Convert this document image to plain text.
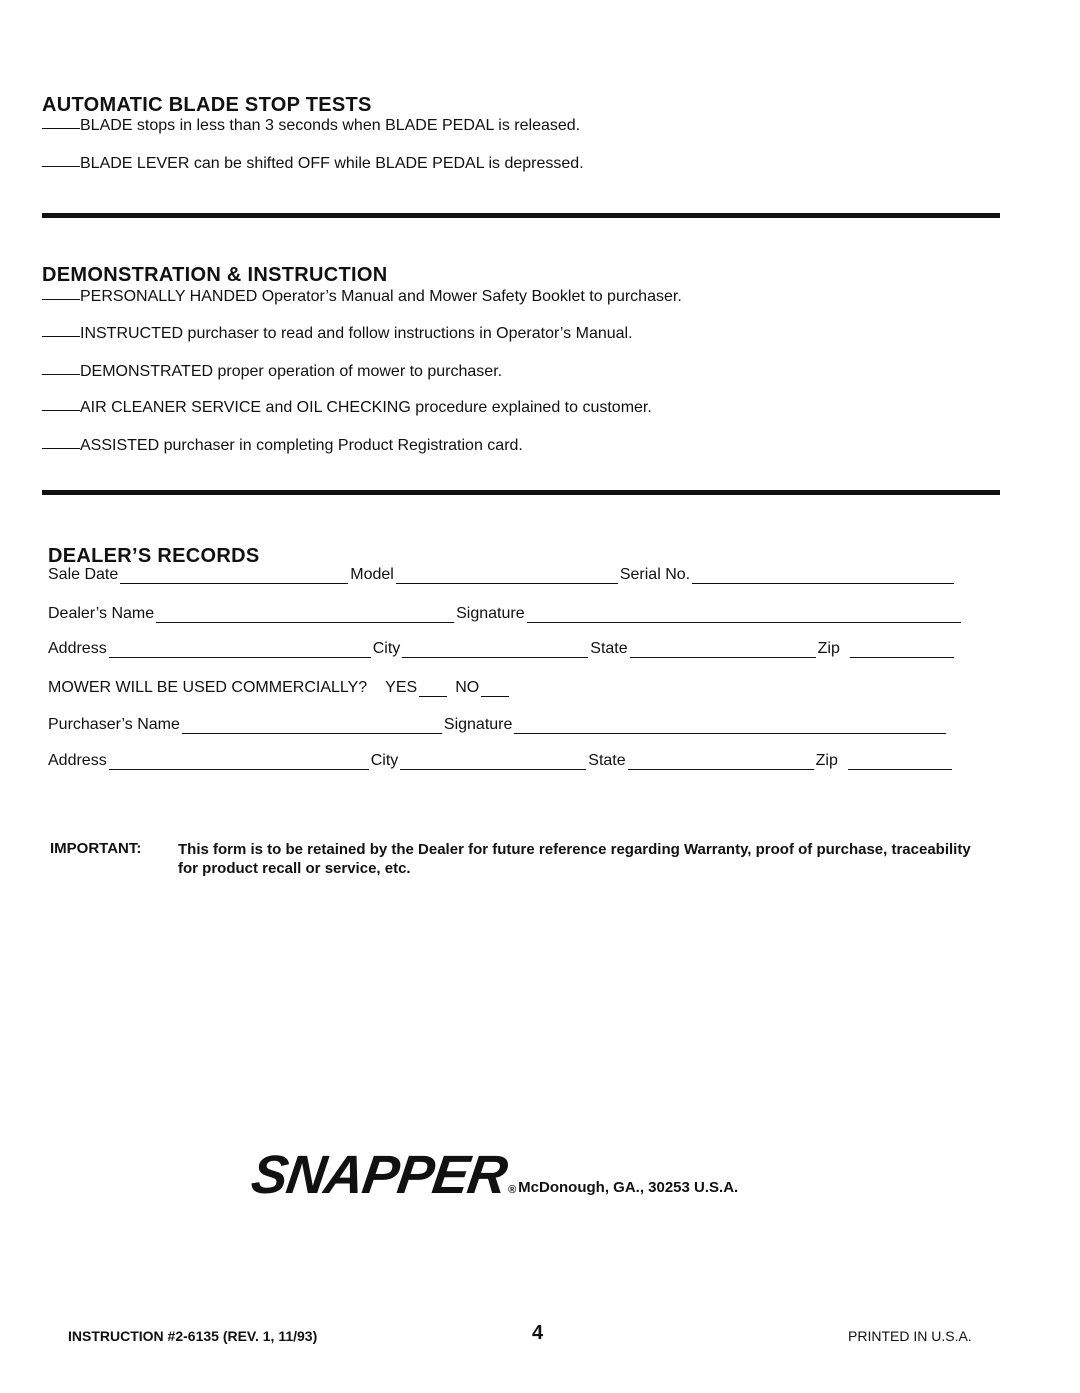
AUTOMATIC BLADE STOP TESTS
BLADE stops in less than 3 seconds when BLADE PEDAL is released.
BLADE LEVER can be shifted OFF while BLADE PEDAL is depressed.
DEMONSTRATION & INSTRUCTION
PERSONALLY HANDED Operator’s Manual and Mower Safety Booklet to purchaser.
INSTRUCTED purchaser to read and follow instructions in Operator’s Manual.
DEMONSTRATED proper operation of mower to purchaser.
AIR CLEANER SERVICE and OIL CHECKING procedure explained to customer.
ASSISTED purchaser in completing Product Registration card.
DEALER’S RECORDS
Sale Date	Model	Serial No.
Dealer’s Name	Signature
Address	City	State	Zip
MOWER WILL BE USED COMMERCIALLY? YES NO
Purchaser’s Name	Signature
Address	City	State	Zip
IMPORTANT:	This form is to be retained by the Dealer for future reference regarding Warranty, proof of purchase, traceability for product recall or service, etc.
SNAPPER
® McDonough, GA., 30253 U.S.A.
INSTRUCTION #2-6135 (REV. 1, 11/93)	4	PRINTED IN U.S.A.
